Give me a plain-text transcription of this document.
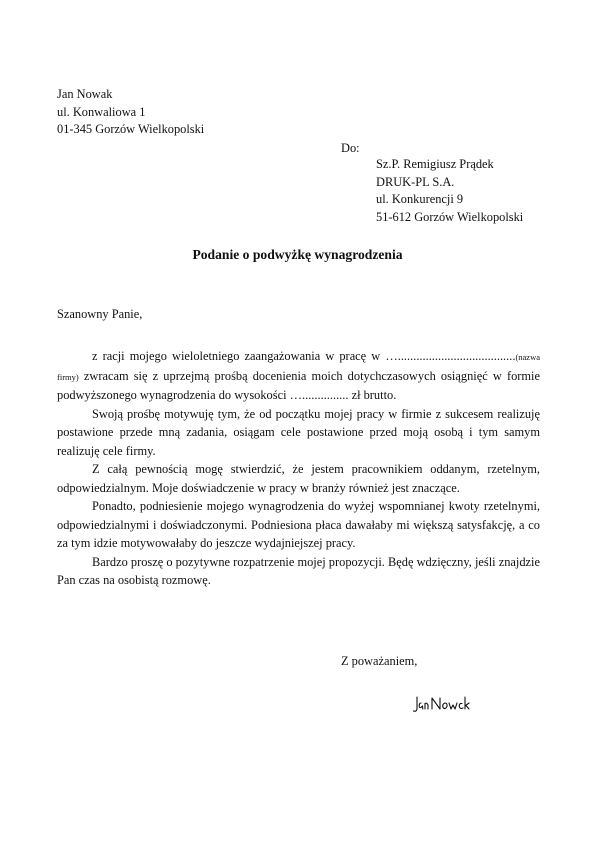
Jan Nowak
ul. Konwaliowa 1
01-345 Gorzów Wielkopolski
Do:
Sz.P. Remigiusz Prądek
DRUK-PL S.A.
ul. Konkurencji 9
51-612 Gorzów Wielkopolski
Podanie o podwyżkę wynagrodzenia
Szanowny Panie,

z racji mojego wieloletniego zaangażowania w pracę w …......................................(nazwa firmy) zwracam się z uprzejmą prośbą docenienia moich dotychczasowych osiągnięć w formie podwyższonego wynagrodzenia do wysokości …............... zł brutto.

Swoją prośbę motywuję tym, że od początku mojej pracy w firmie z sukcesem realizuję postawione przede mną zadania, osiągam cele postawione przed moją osobą i tym samym realizuję cele firmy.

Z całą pewnością mogę stwierdzić, że jestem pracownikiem oddanym, rzetelnym, odpowiedzialnym. Moje doświadczenie w pracy w branży również jest znaczące.

Ponadto, podniesienie mojego wynagrodzenia do wyżej wspomnianej kwoty rzetelnymi, odpowiedzialnymi i doświadczonymi. Podniesiona płaca dawałaby mi większą satysfakcję, a co za tym idzie motywowałaby do jeszcze wydajniejszej pracy.

Bardzo proszę o pozytywne rozpatrzenie mojej propozycji. Będę wdzięczny, jeśli znajdzie Pan czas na osobistą rozmowę.

Z poważaniem,
